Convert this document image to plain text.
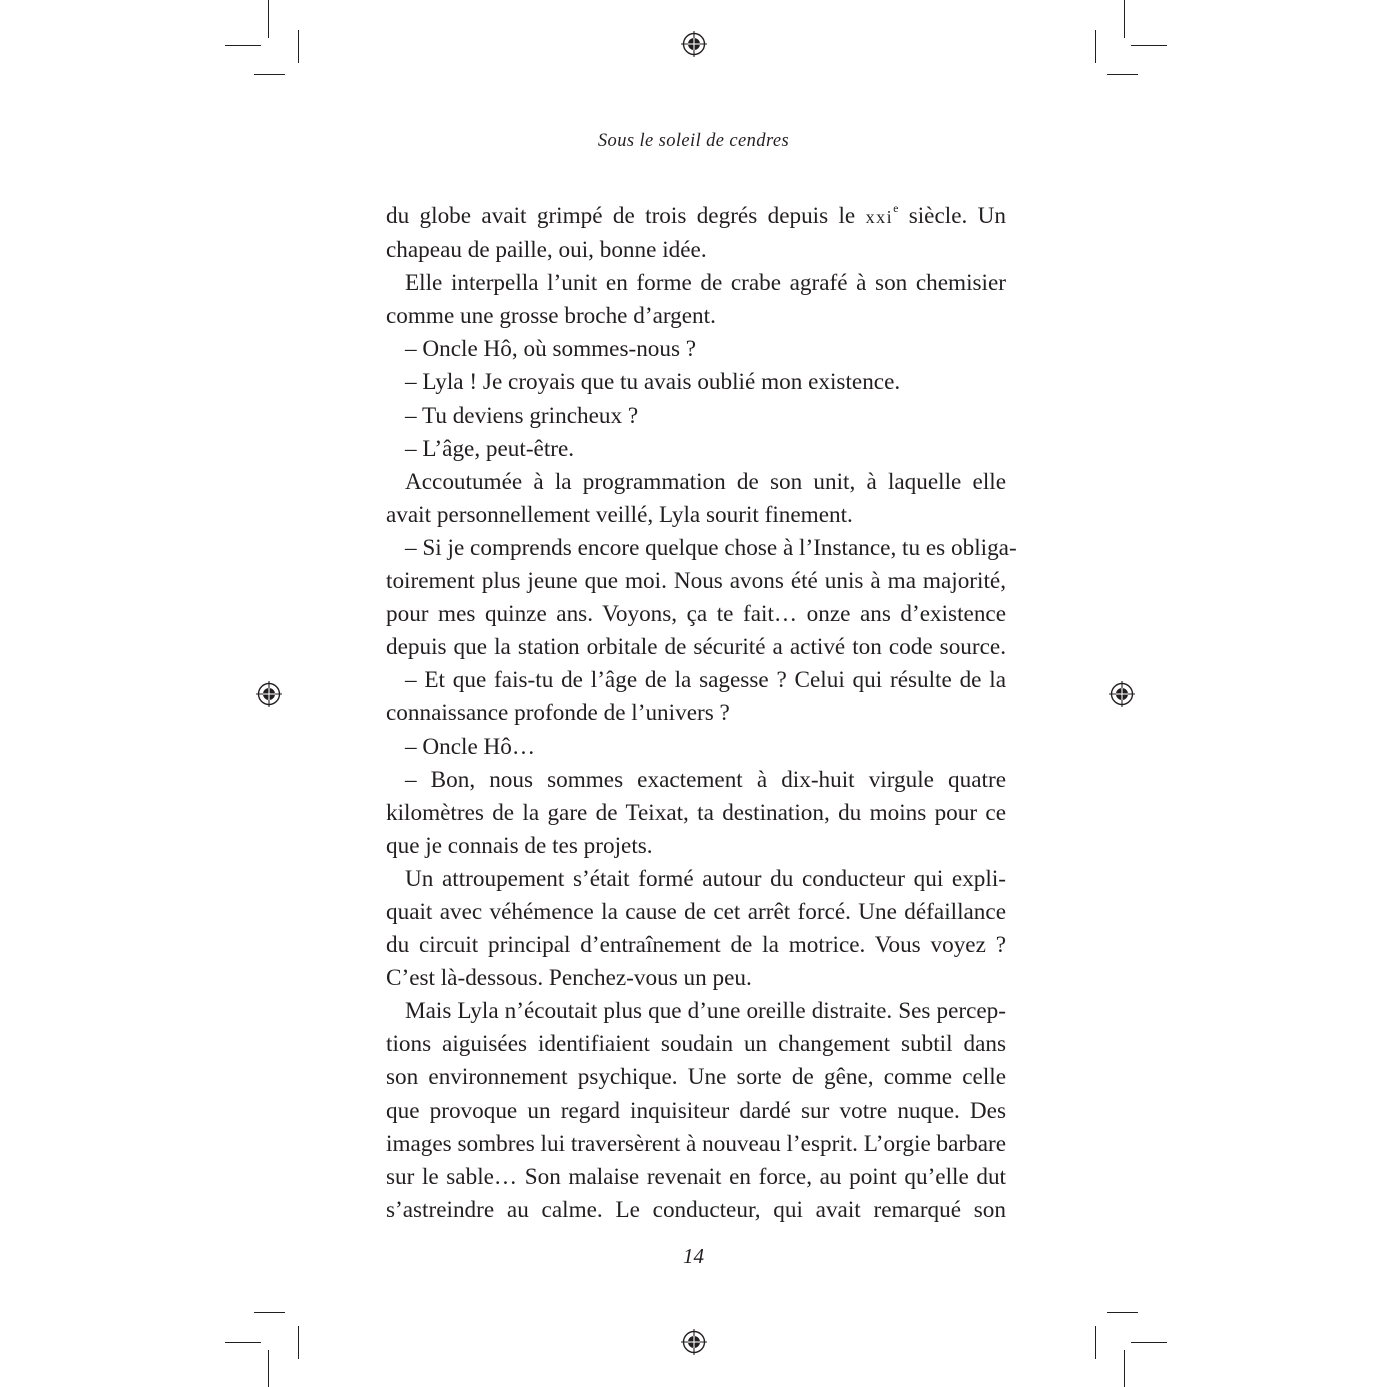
Sous le soleil de cendres
du globe avait grimpé de trois degrés depuis le xxi$^e$ siècle. Un
chapeau de paille, oui, bonne idée.
Elle interpella l’unit en forme de crabe agrafé à son chemisier
comme une grosse broche d’argent.
– Oncle Hô, où sommes-nous ?
– Lyla ! Je croyais que tu avais oublié mon existence.
– Tu deviens grincheux ?
– L’âge, peut-être.
Accoutumée à la programmation de son unit, à laquelle elle
avait personnellement veillé, Lyla sourit finement.
– Si je comprends encore quelque chose à l’Instance, tu es obliga-
toirement plus jeune que moi. Nous avons été unis à ma majorité,
pour mes quinze ans. Voyons, ça te fait… onze ans d’existence
depuis que la station orbitale de sécurité a activé ton code source.
– Et que fais-tu de l’âge de la sagesse ? Celui qui résulte de la
connaissance profonde de l’univers ?
– Oncle Hô…
– Bon, nous sommes exactement à dix-huit virgule quatre
kilomètres de la gare de Teixat, ta destination, du moins pour ce
que je connais de tes projets.
Un attroupement s’était formé autour du conducteur qui expli-
quait avec véhémence la cause de cet arrêt forcé. Une défaillance
du circuit principal d’entraînement de la motrice. Vous voyez ?
C’est là-dessous. Penchez-vous un peu.
Mais Lyla n’écoutait plus que d’une oreille distraite. Ses percep-
tions aiguisées identifiaient soudain un changement subtil dans
son environnement psychique. Une sorte de gêne, comme celle
que provoque un regard inquisiteur dardé sur votre nuque. Des
images sombres lui traversèrent à nouveau l’esprit. L’orgie barbare
sur le sable… Son malaise revenait en force, au point qu’elle dut
s’astreindre au calme. Le conducteur, qui avait remarqué son
14
